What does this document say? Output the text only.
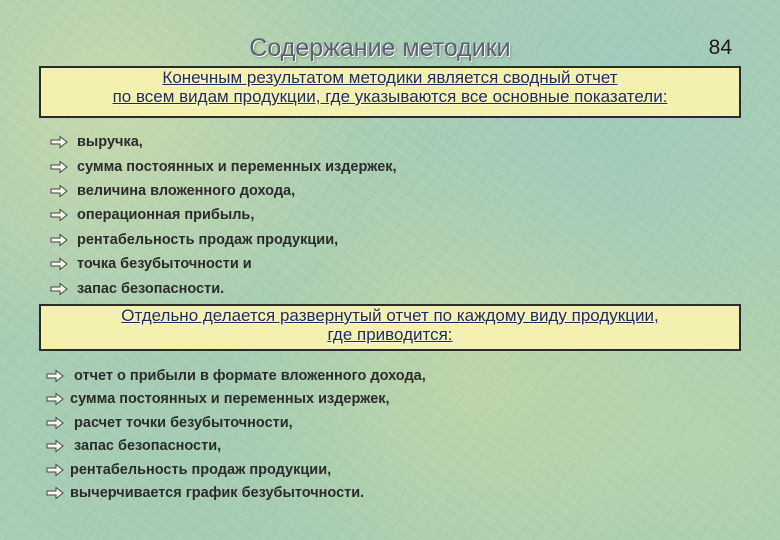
Содержание методики	84
Конечным результатом методики является сводный отчет
по всем видам продукции, где указываются все основные показатели:
выручка,
сумма постоянных и переменных издержек,
величина вложенного дохода,
операционная прибыль,
рентабельность продаж продукции,
точка безубыточности и
запас безопасности.
Отдельно делается развернутый отчет по каждому виду продукции,
где приводится:
отчет о прибыли в формате вложенного дохода,
сумма постоянных и переменных издержек,
расчет точки безубыточности,
запас безопасности,
рентабельность продаж продукции,
вычерчивается график безубыточности.
